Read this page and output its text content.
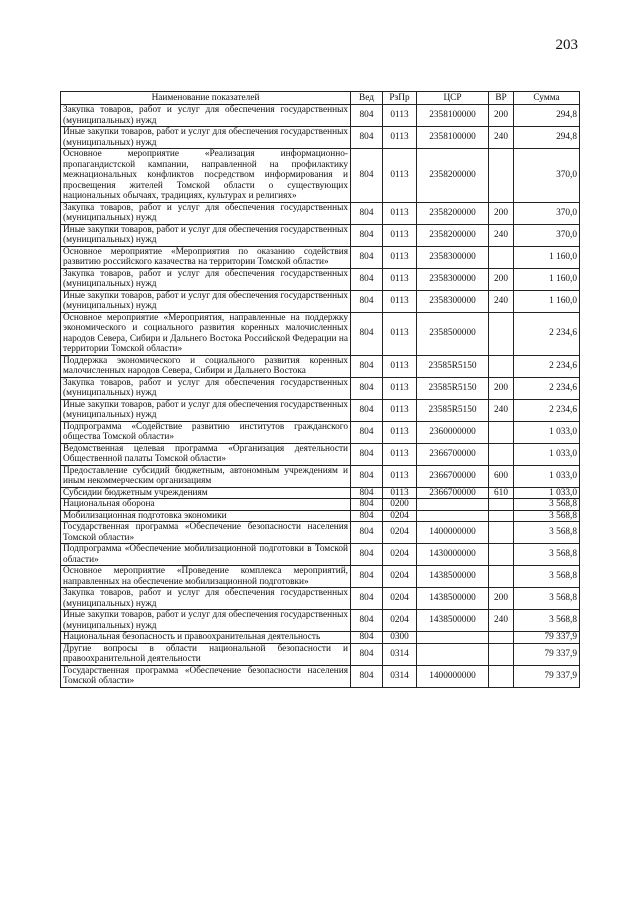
203
Наименование показателей	Вед	РзПр	ЦСР	ВР	Сумма
Закупка товаров, работ и услуг для обеспечения государственных (муниципальных) нужд	804	0113	2358100000	200	294,8
Иные закупки товаров, работ и услуг для обеспечения государственных (муниципальных) нужд	804	0113	2358100000	240	294,8
Основное мероприятие «Реализация информационно-пропагандистской кампании, направленной на профилактику межнациональных конфликтов посредством информирования и просвещения жителей Томской области о существующих национальных обычаях, традициях, культурах и религиях»	804	0113	2358200000		370,0
Закупка товаров, работ и услуг для обеспечения государственных (муниципальных) нужд	804	0113	2358200000	200	370,0
Иные закупки товаров, работ и услуг для обеспечения государственных (муниципальных) нужд	804	0113	2358200000	240	370,0
Основное мероприятие «Мероприятия по оказанию содействия развитию российского казачества на территории Томской области»	804	0113	2358300000		1 160,0
Закупка товаров, работ и услуг для обеспечения государственных (муниципальных) нужд	804	0113	2358300000	200	1 160,0
Иные закупки товаров, работ и услуг для обеспечения государственных (муниципальных) нужд	804	0113	2358300000	240	1 160,0
Основное мероприятие «Мероприятия, направленные на поддержку экономического и социального развития коренных малочисленных народов Севера, Сибири и Дальнего Востока Российской Федерации на территории Томской области»	804	0113	2358500000		2 234,6
Поддержка экономического и социального развития коренных малочисленных народов Севера, Сибири и Дальнего Востока	804	0113	23585R5150		2 234,6
Закупка товаров, работ и услуг для обеспечения государственных (муниципальных) нужд	804	0113	23585R5150	200	2 234,6
Иные закупки товаров, работ и услуг для обеспечения государственных (муниципальных) нужд	804	0113	23585R5150	240	2 234,6
Подпрограмма «Содействие развитию институтов гражданского общества Томской области»	804	0113	2360000000		1 033,0
Ведомственная целевая программа «Организация деятельности Общественной палаты Томской области»	804	0113	2366700000		1 033,0
Предоставление субсидий бюджетным, автономным учреждениям и иным некоммерческим организациям	804	0113	2366700000	600	1 033,0
Субсидии бюджетным учреждениям	804	0113	2366700000	610	1 033,0
Национальная оборона	804	0200			3 568,8
Мобилизационная подготовка экономики	804	0204			3 568,8
Государственная программа «Обеспечение безопасности населения Томской области»	804	0204	1400000000		3 568,8
Подпрограмма «Обеспечение мобилизационной подготовки в Томской области»	804	0204	1430000000		3 568,8
Основное мероприятие «Проведение комплекса мероприятий, направленных на обеспечение мобилизационной подготовки»	804	0204	1438500000		3 568,8
Закупка товаров, работ и услуг для обеспечения государственных (муниципальных) нужд	804	0204	1438500000	200	3 568,8
Иные закупки товаров, работ и услуг для обеспечения государственных (муниципальных) нужд	804	0204	1438500000	240	3 568,8
Национальная безопасность и правоохранительная деятельность	804	0300			79 337,9
Другие вопросы в области национальной безопасности и правоохранительной деятельности	804	0314			79 337,9
Государственная программа «Обеспечение безопасности населения Томской области»	804	0314	1400000000		79 337,9
